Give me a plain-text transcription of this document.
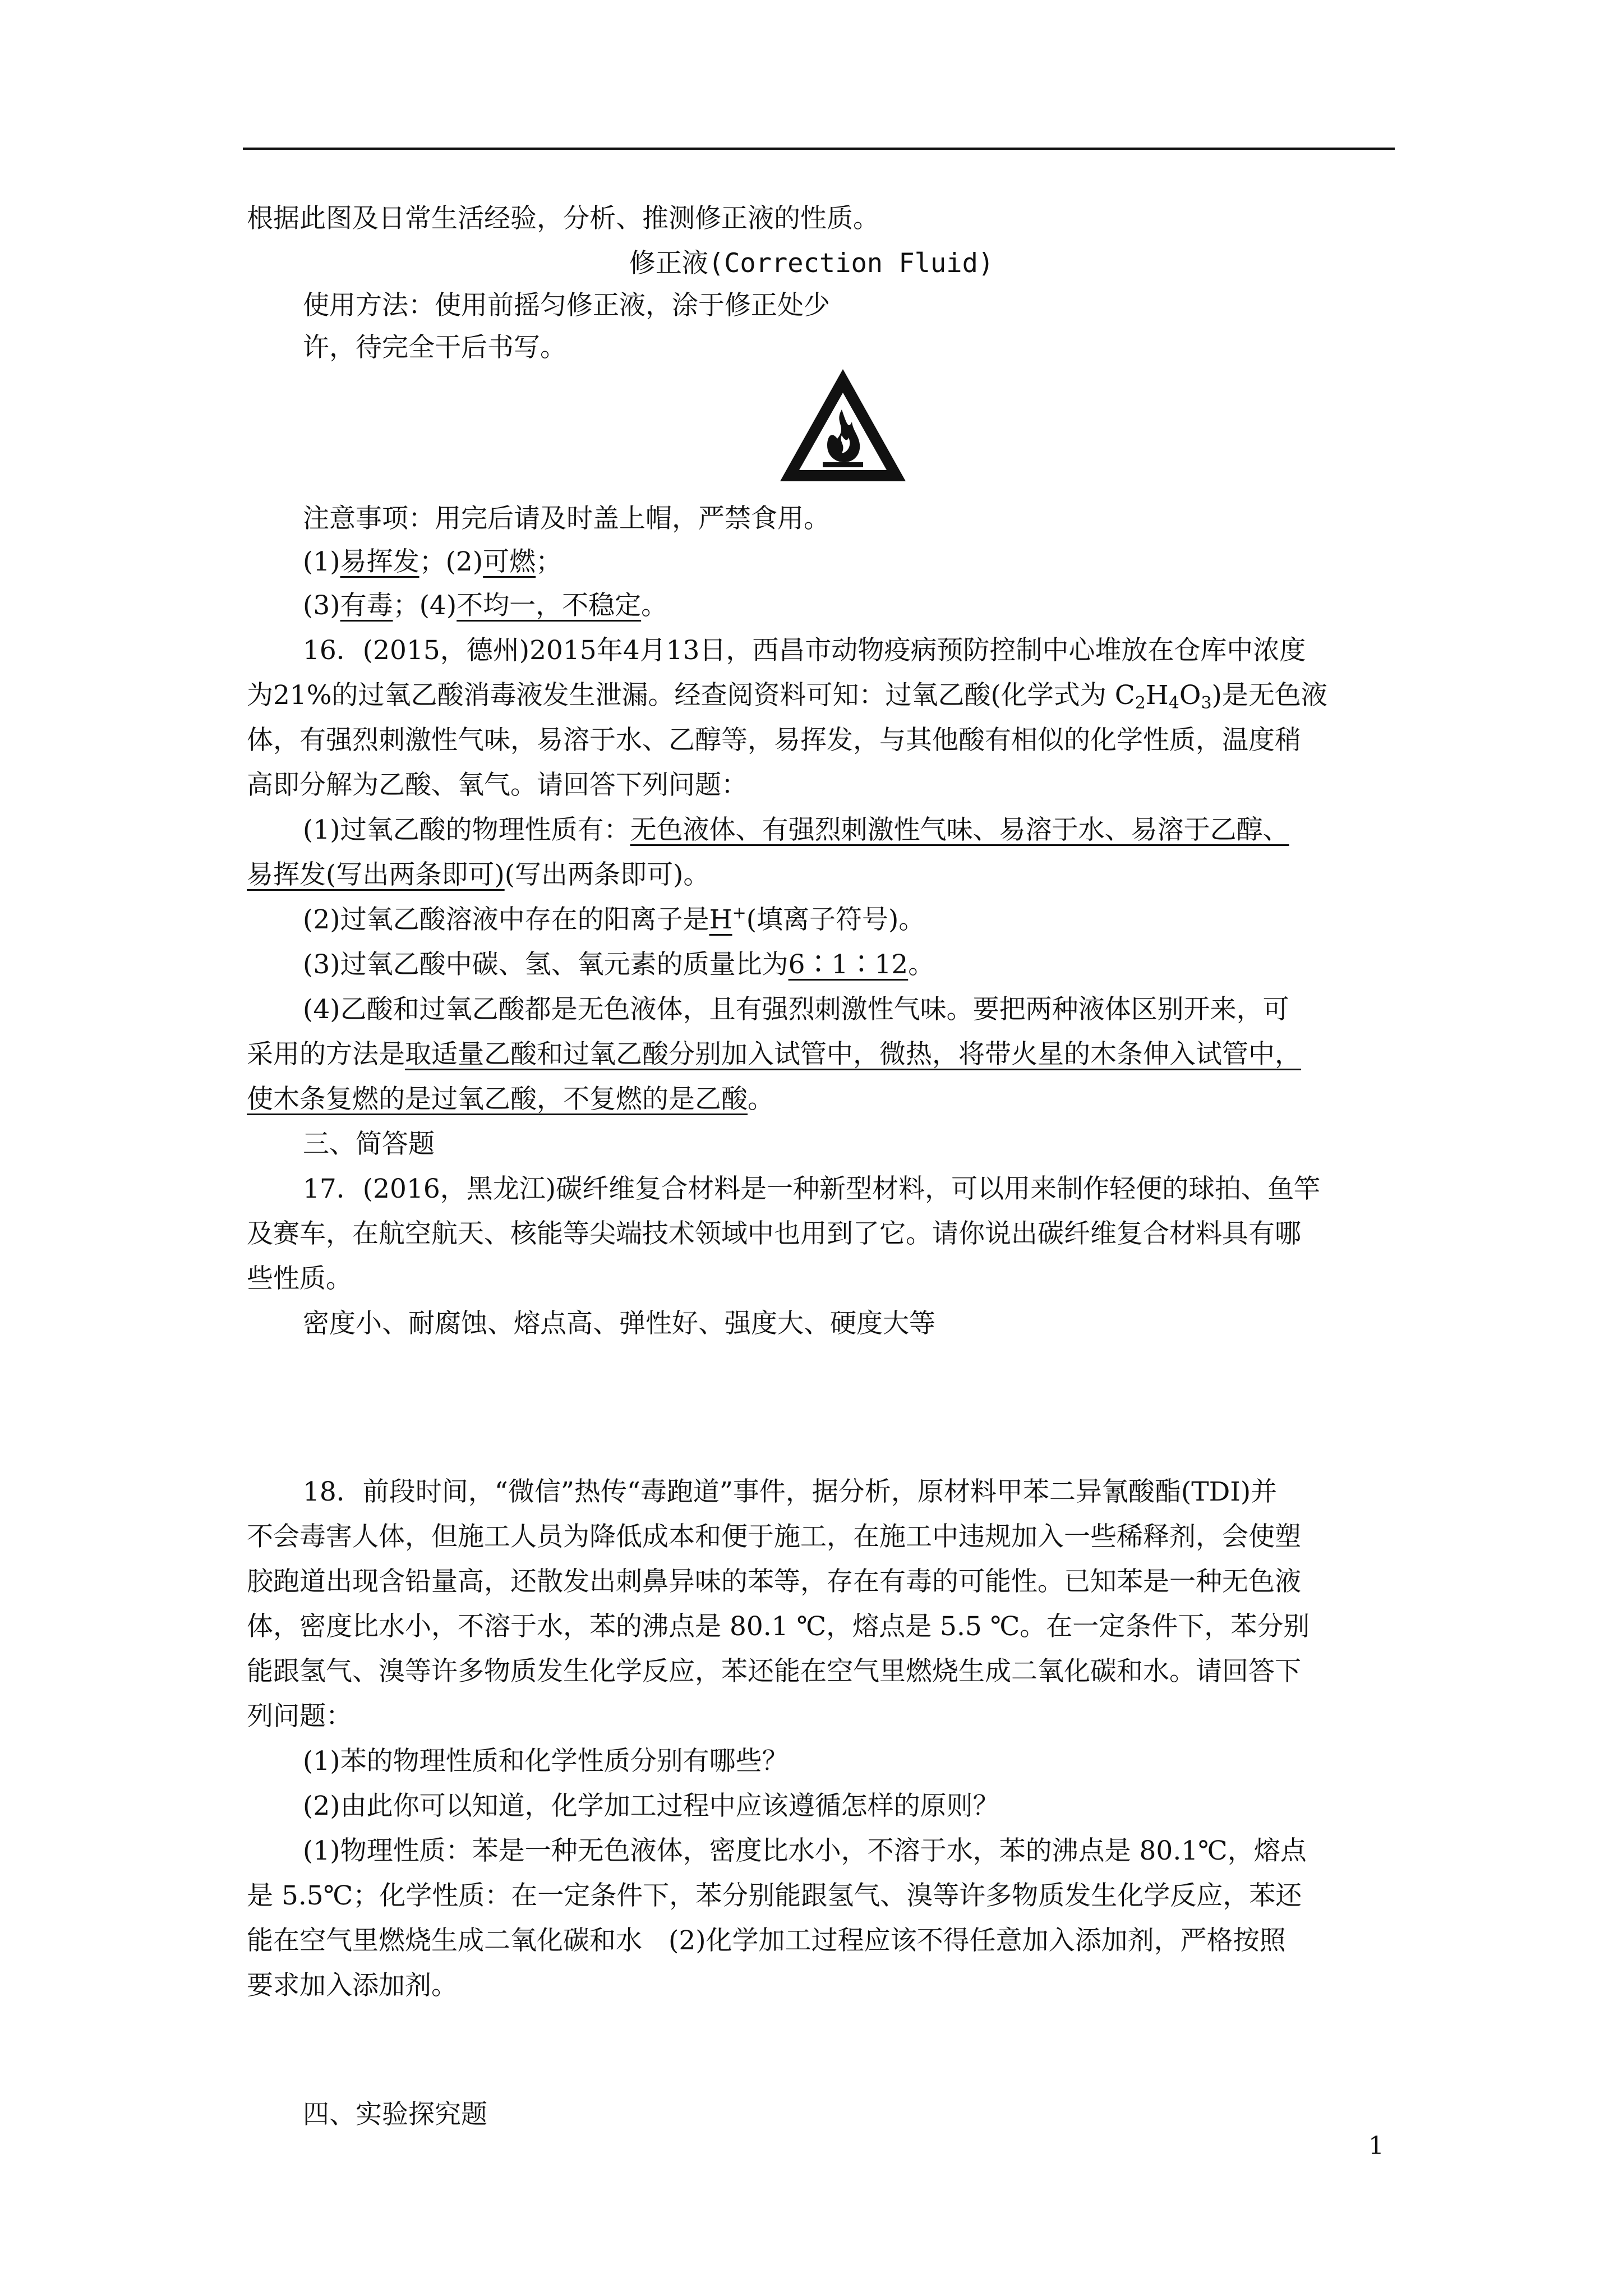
根据此图及日常生活经验，分析、推测修正液的性质。
修正液(Correction Fluid)
使用方法：使用前摇匀修正液，涂于修正处少
许，待完全干后书写。
注意事项：用完后请及时盖上帽，严禁食用。
(1)易挥发；(2)可燃；
(3)有毒；(4)不均一，不稳定。
16．(2015，德州)2015年4月13日，西昌市动物疫病预防控制中心堆放在仓库中浓度
为21%的过氧乙酸消毒液发生泄漏。经查阅资料可知：过氧乙酸(化学式为 $C_2H_4O_3$)是无色液
体，有强烈刺激性气味，易溶于水、乙醇等，易挥发，与其他酸有相似的化学性质，温度稍
高即分解为乙酸、氧气。请回答下列问题：
(1)过氧乙酸的物理性质有：无色液体、有强烈刺激性气味、易溶于水、易溶于乙醇、
易挥发(写出两条即可)(写出两条即可)。
(2)过氧乙酸溶液中存在的阳离子是H+(填离子符号)。
(3)过氧乙酸中碳、氢、氧元素的质量比为6∶1∶12。
(4)乙酸和过氧乙酸都是无色液体，且有强烈刺激性气味。要把两种液体区别开来，可
采用的方法是取适量乙酸和过氧乙酸分别加入试管中，微热，将带火星的木条伸入试管中，
使木条复燃的是过氧乙酸，不复燃的是乙酸。
三、简答题
17．(2016，黑龙江)碳纤维复合材料是一种新型材料，可以用来制作轻便的球拍、鱼竿
及赛车，在航空航天、核能等尖端技术领域中也用到了它。请你说出碳纤维复合材料具有哪
些性质。
密度小、耐腐蚀、熔点高、弹性好、强度大、硬度大等
18．前段时间，“微信”热传“毒跑道”事件，据分析，原材料甲苯二异氰酸酯(TDI)并
不会毒害人体，但施工人员为降低成本和便于施工，在施工中违规加入一些稀释剂，会使塑
胶跑道出现含铅量高，还散发出刺鼻异味的苯等，存在有毒的可能性。已知苯是一种无色液
体，密度比水小，不溶于水，苯的沸点是 80.1 ℃，熔点是 5.5 ℃。在一定条件下，苯分别
能跟氢气、溴等许多物质发生化学反应，苯还能在空气里燃烧生成二氧化碳和水。请回答下
列问题：
(1)苯的物理性质和化学性质分别有哪些？
(2)由此你可以知道，化学加工过程中应该遵循怎样的原则？
(1)物理性质：苯是一种无色液体，密度比水小，不溶于水，苯的沸点是 80.1℃，熔点
是 5.5℃；化学性质：在一定条件下，苯分别能跟氢气、溴等许多物质发生化学反应，苯还
能在空气里燃烧生成二氧化碳和水　(2)化学加工过程应该不得任意加入添加剂，严格按照
要求加入添加剂。
四、实验探究题
1
